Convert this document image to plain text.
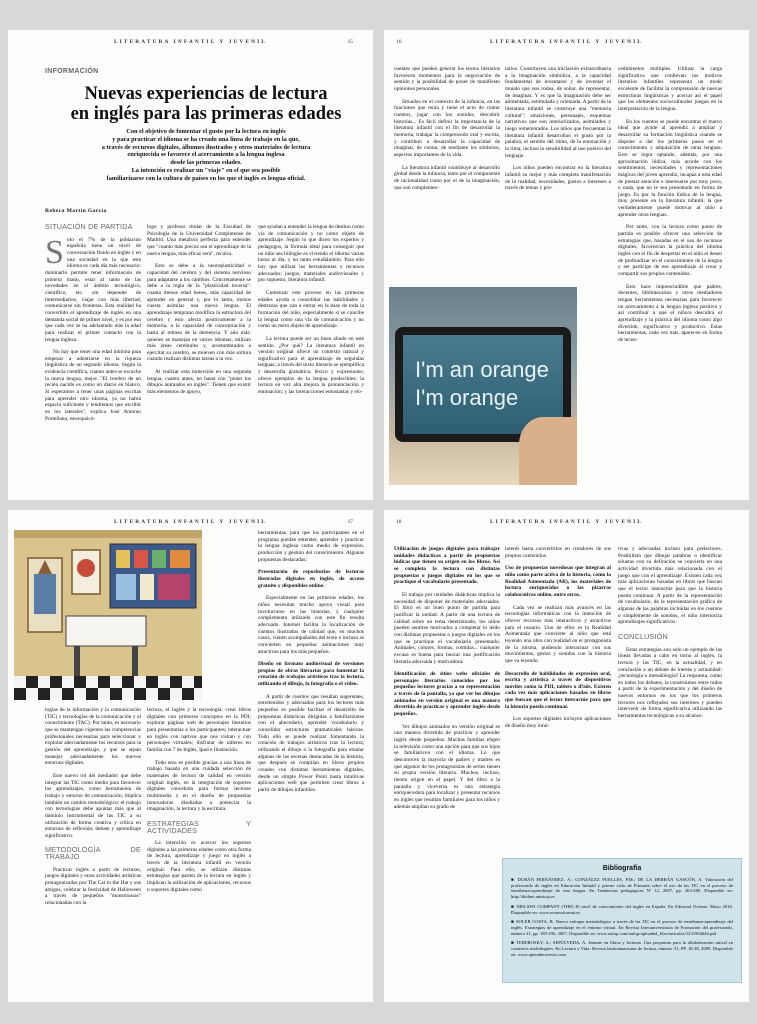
LITERATURA INFANTIL Y JUVENIL	15
INFORMACIÓN
Nuevas experiencias de lectura
en inglés para las primeras edades
Con el objetivo de fomentar el gusto por la lectura en inglés
y para practicar el idioma se ha creado una línea de trabajo en la que,
a través de recursos digitales, álbumes ilustrados y otros materiales de lectura
enriquecida se favorece el acercamiento a la lengua inglesa
desde las primeras edades.
La intención es realizar un "viaje" en el que sea posible
familiarizarse con la cultura de países en los que el inglés es lengua oficial.
Rebeca Martín García
SITUACIÓN DE PARTIDA

Solo el 7% de la población española tiene un nivel de conversación fluido en inglés y en una sociedad en la que este idioma es cada día más necesario: dominarlo permite tener información de primera mano, estar al tanto de las novedades en el ámbito tecnológico, científico, etc. sin depender de intermediarios, viajar con más libertad, comunicarse sin fronteras. Esta realidad ha convertido el aprendizaje de inglés en una demanda social de primer nivel, y es por eso que cada vez se ha adelantado más la edad para realizar el primer contacto con la lengua inglesa.

No hay que tener una edad mínima para empezar a adentrarse en la riqueza lingüística de un segundo idioma. Según la evidencia científica, cuanto antes se escuche la nueva lengua, mejor. "El cerebro de un recién nacido es como un diario en blanco. Si esperamos a tener unas páginas escritas para aprender otro idioma, ya no habrá espacio suficiente y tendremos que escribir en los laterales", explica José Antonio Portellano, neuropsicó-

logo y profesor titular de la Facultad de Psicología de la Universidad Complutense de Madrid. Una metáfora perfecta para entender que "cuanto más precoz sea el aprendizaje de la nueva lengua, más eficaz será", recalca.

Esto se debe a la neuroplasticidad o capacidad del cerebro y del sistema nervioso para adaptarse a los cambios. Concretamente se debe a la regla de la "plasticidad inversa": cuanta menos edad tienes, más capacidad de aprender en general y, por lo tanto, menos cuesta asimilar una nueva lengua. El aprendizaje temprano modifica la estructura del cerebro y esto afecta positivamente a la memoria, a la capacidad de concentración y hasta al retraso de la demencia. Y aún más: quienes se manejan en varios idiomas, utilizan más áreas cerebrales y, acostumbrados a ejercitar su cerebro, se mueven con más soltura cuando realizan distintas tareas a la vez.

Al realizar esta inmersión en una segunda lengua, cuanto antes, no basta con "poner los dibujos animados en inglés". Tienen que existir más elementos de apoyo,

que ayudan a entender la lengua de destino como vía de comunicación y no como objeto de aprendizaje. Según lo que dicen los expertos y pedagogos, la fórmula ideal para conseguir que un niño sea bilingüe es viviendo el idioma varias horas al día, y no tanto estudiándolo. Para ello hay que utilizar las herramientas y recursos adecuados: juegos, materiales audiovisuales y por supuesto, literatura infantil.

Comenzar este proceso en las primeras edades ayuda a consolidar las habilidades y destrezas que van a entrar en la base de toda la formación del niño, especialmente si se concibe la lengua como una vía de comunicación y no como un mero objeto de aprendizaje.

La lectura puede ser un buen aliado en este sentido. ¿Por qué? La literatura infantil en versión original ofrece un contexto natural y significativo para el aprendizaje de segundas lenguas; a través del texto literario se ejemplifica y desarrolla gramática, léxico y expresiones; ofrece ejemplos de la lengua predecibles; la lectura en voz alta mejora la pronunciación y entonación; y las interacciones entusiastas y elo-

16	LITERATURA INFANTIL Y JUVENIL

cuentes que pueden generar los textos literarios favorecen momentos para la negociación de sentido y la posibilidad de poner de manifiesto opiniones personales.

Situados en el contexto de la infancia, en las funciones que tenía y tiene el acto de contar cuentos, jugar con los sonidos, descubrir historias... Es fácil definir la importancia de la literatura infantil con el fin de desarrollar la memoria, trabajar la comprensión oral y escrita, y contribuir a desarrollar la capacidad de imaginar, de contar, de mediante los símbolos, aspectos importantes de la vida.

La literatura infantil contribuye al desarrollo global desde la infancia, tanto por el componente de racionalidad como por el de la imaginación, que son complemen-

tarios. Constituyen una iniciación extraordinaria a la imaginación simbólica, a la capacidad fundamental de inventarse y de inventar el mundo que nos rodea, de soñar, de representar, de imaginar. Y es que la imaginación debe ser alimentada, estimulada y orientada. A partir de la literatura infantil se construye una "memoria cultural": situaciones, personajes, esquemas narrativos que son interiorizados, asimilados y luego rememorados. Los niños que frecuentan la literatura infantil desarrollan el gusto por la palabra, el sentido del ritmo, de la entonación y la rima, incluso la sensibilidad al uso poético del lenguaje.

Los niños pueden encontrar en la literatura infantil su mejor y más completa manifestación de la realidad, necesidades, gustos e intereses a través de temas y pro-

cedimientos múltiples. Utilizar la carga significativa que conllevan los motivos literarios infantiles representa un modo excelente de facilitar la comprensión de nuevas estructuras lingüísticas y acercar así el papel que los elementos socioculturales juegan en la interpretación de la lengua.

En los cuentos se puede encontrar el marco ideal que ayude al aprendiz a ampliar y desarrollar su formación lingüística cuando se dispone a dar los primeros pasos en el conocimiento y adquisición de otras lenguas. Esto se logra optando, además, por una aproximación lúdica, más acorde con los sentimientos, necesidades y representaciones mágicas del joven aprendiz, incapaz a esta edad de prestar atención e interesarse por muy poco, o nada, que no le sea presentado en forma de juego. Es por la función lúdica de la lengua, muy presente en la literatura infantil, la que verdaderamente puede motivar al niño a aprender otras lenguas.

Por tanto, con la lectura como punto de partida es posible ofrecer una selección de estrategias que, basadas en el uso de recursos digitales, favorezcan la práctica del idioma inglés con el fin de despertar en el niño el deseo de profundizar en el conocimiento de la lengua y ser partícipe de ese aprendizaje al crear y compartir sus propios contenidos.

Esto hace imprescindible que padres, docentes, bibliotecarios y otros mediadores tengan herramientas necesarias para favorecer un acercamiento a la lengua inglesa positivo y así contribuir a que el niño/a descubra el aprendizaje y la práctica del idioma como algo divertido, significativo y productivo. Estas herramientas, cada vez más, aparecen en forma de tecno-

I'm an orange
I'm orange
LITERATURA INFANTIL Y JUVENIL	17

logías de la información y la comunicación (TIC) y tecnologías de la comunicación y el conocimiento (TAC). Por tanto, es necesario que se mantengan vigentes las competencias profesionales necesarias para seleccionar y explotar adecuadamente los recursos para la gestión del aprendizaje, y que se sepan manejar adecuadamente los nuevos entornos digitales.

Este nuevo rol del mediador que debe integrar las TIC como medio para favorecer los aprendizajes, como herramienta de trabajo y entorno de comunicación, implica también un cambio metodológico: el trabajo con tecnologías debe apuntar más que al dominio instrumental de las TIC a su utilización de forma creativa y crítica en entornos de reflexión, debate y aprendizaje significativo.

METODOLOGÍA DE TRABAJO

Practicar inglés a partir de lecturas, juegos digitales y otras actividades artísticas protagonizadas por The Cat in the Hat y sus amigos, celebrar la festividad de Halloween a través de pequeños "monstruosas" relacionadas con la

lectura, el inglés y la tecnología; crear libros digitales con primeros conceptos en la PDI; explorar páginas web de personajes literarios para presentarlas a los participantes; interactuar en inglés con nativos que nos visitan y con personajes virtuales; disfrutar de talleres en familia con 7 de Inglés, Ipad e Ilustración.

Todo esto es posible gracias a una línea de trabajo basada en una cuidada selección de materiales de lectura de calidad en versión original inglés, en la integración de soportes digitales concebida para formar lectores multimedia y en el diseño de propuestas innovadoras diseñadas a potenciar la imaginación, la lectura y la escritura.

ESTRATEGIAS Y ACTIVIDADES

La intención es acercar los soportes digitales a las primeras edades como otra forma de lectura, aprendizaje y juego en inglés a través de la literatura infantil en versión original. Para ello, se utilizan distintas estrategias que parten de la lectura en inglés y implican la utilización de aplicaciones, recursos o soportes digitales como

herramientas, para que los participantes en el programa puedan entender, aprender y practicar la lengua inglesa como medio de expresión, producción y gestión del conocimiento. Algunas propuestas destacadas:

Presentación de repositorios de lecturas ilustradas digitales en inglés, de acceso gratuito y disponibles online.

Especialmente en las primeras edades, los niños necesitan mucho apoyo visual para involucrarse en las historias, y cualquier complemento utilizado con este fin resulta adecuado. Internet facilita la localización de cuentos ilustrados de calidad que, en muchos casos, vienen acompañados del texto e incluso se convierten en pequeñas animaciones muy atractivas para los más pequeños.

Diseño en formato audiovisual de versiones propias de obras literarias para fomentar la creación de trabajos artísticos tras la lectura, utilizando el dibujo, la fotografía o el vídeo.

A partir de cuentos que resultan sugerentes, entretenidos y adecuados para los lectores más pequeños es posible facilitar el desarrollo de propuestas didácticas dirigidas a familiarizarse con el abecedario, aprender vocabulario y consolidar estructuras gramaticales básicas. Todo ello se puede realizar fomentando la creación de trabajos artísticos tras la lectura, utilizando el dibujo o la fotografía para emular algunas de las escenas destacadas de la historia, que después se compilan en libros propios creados con distintas herramientas digitales, desde un simple Power Point hasta intuitivas aplicaciones web que permiten crear libros a partir de dibujos infantiles.

18	LITERATURA INFANTIL Y JUVENIL

Utilización de juegos digitales para trabajar unidades didácticas a partir de propuestas lúdicas que tienen su origen en los libros. Así se completa la lectura con distintas propuestas o juegos digitales en los que se practique el vocabulario presentado.

El trabajo por unidades didácticas implica la necesidad de disponer de materiales adecuados. El libro es un buen punto de partida para justificar la unidad. A partir de una lectura de calidad sobre un tema determinado, los niños pueden sentirse motivados a completar lo leído con distintas propuestas o juegos digitales en los que se practique el vocabulario presentado. Animales, colores, formas, comidas... cualquier excusa es buena para buscar una justificación literaria adecuada y motivadora.

Identificación de sitios webs oficiales de personajes literarios conocidos por los pequeños lectores gracias a su representación a través de la pantalla, ya que ver los dibujos animados en versión original es una manera divertida de practicar y aprender inglés desde pequeños.

Ver dibujos animados en versión original es una manera divertida de practicar y aprender inglés desde pequeños. Muchas familias eligen la televisión como una opción para que sus hijos se familiaricen con el idioma. Lo que desconocen la mayoría de padres y madres es que algunos de los protagonistas de series tienen su propia versión literaria. Muchos, incluso, tienen origen en el papel. Y del libro a la pantalla y viceversa es una estrategia enriquecedora para localizar y presentar recursos en inglés que resultan familiares para los niños y además amplían su grado de

interés hasta convertirlos en creadores de sus propios contenidos.

Uso de propuestas novedosas que integran al niño como parte activa de la historia, como la Realidad Aumentada (AR), los materiales de lectura enriquecidos o las pizarras colaborativas online, entre otras.

Cada vez se realizan más avances en las tecnologías informáticas con la intención de ofrecer recursos más interactivos y atractivos para el usuario. Uno de ellos es la Realidad Aumentada que convierte al niño que está leyendo una obra con realidad en el protagonista de la misma, pudiendo interactuar con sus movimientos, gestos y sonidos con la historia que va leyendo.

Desarrollo de habilidades de expresión oral, escrita y artística a través de dispositivos móviles como la PDI, tablets o iPads. Existen cada vez más aplicaciones basadas en libros que buscan que el lector interactúe para que la historia pueda continuar.

Los soportes digitales incluyen aplicaciones de diseño muy intui-

tivas y adecuadas incluso para prelectores. Posibilitan que dibujar palabras o identificar siluetas con su definición se convierta en una actividad divertida más relacionada con el juego que con el aprendizaje. Existen cada vez más aplicaciones basadas en libros que buscan que el lector interactúe para que la historia pueda continuar. A partir de la representación de vocabulario, de la representación gráfica de algunas de las palabras incluidas en los cuentos o simplemente de sonidos, el niño interioriza aprendizajes significativos.

CONCLUSIÓN

Estas estrategias son solo un ejemplo de las líneas llevadas a cabo en torno al inglés, la lectura y las TIC, en la actualidad, y en conclusión a un debate de interés y actualidad: ¿tecnología o metodología? La respuesta, como en todos los debates, la construimos entre todos a partir de la experimentación y del diseño de nuevos entornos en los que los primeros lectores nos reflejados sus intereses y pueden intervenir de forma significativa utilizando las herramientas tecnológicas a su alcance.

Bibliografía

■ DURÁN FERNÁNDEZ, A.; GONZÁLEZ PUELLES, P.M.; DE LA HERRÁN GASCÓN, A. Valoración del profesorado de inglés en Educación Infantil y primer ciclo de Primaria sobre el uso de las TIC en el proceso de enseñanza-aprendizaje de esta lengua. En Tendencias pedagógicas Nº 12, 2007, pp. 263-280. Disponible en: http://dialnet.unirioja.es

■ NIELSEN COMPANY (THE) El nivel de conocimiento del inglés en España. En Editorial Océano. Mayo 2016. Disponible en: www.oceanoformat.es

■ SOLER COSTA, R. Nuevo enfoque metodológico a través de las TIC en el proceso de enseñanza-aprendizaje del inglés. Estrategias de aprendizaje en el entorno virtual. En Revista Interuniversitaria de Formación del profesorado, número 21, pp. 185-196, 2007. Disponible en: www.aufop.com/aufop/uploaded_files/articulos/1231964644.pdf

■ TEBEROSKY, A.; SEPÚLVEDA, A. Jeannie en libros y lecturas. Una propuesta para la alfabetización inicial en contextos multilingües. En Lectura y Vida: Revista latinoamericana de lectura, número 31, PP. 18-28, 2009. Disponible en: www.aprenderavesos.com
